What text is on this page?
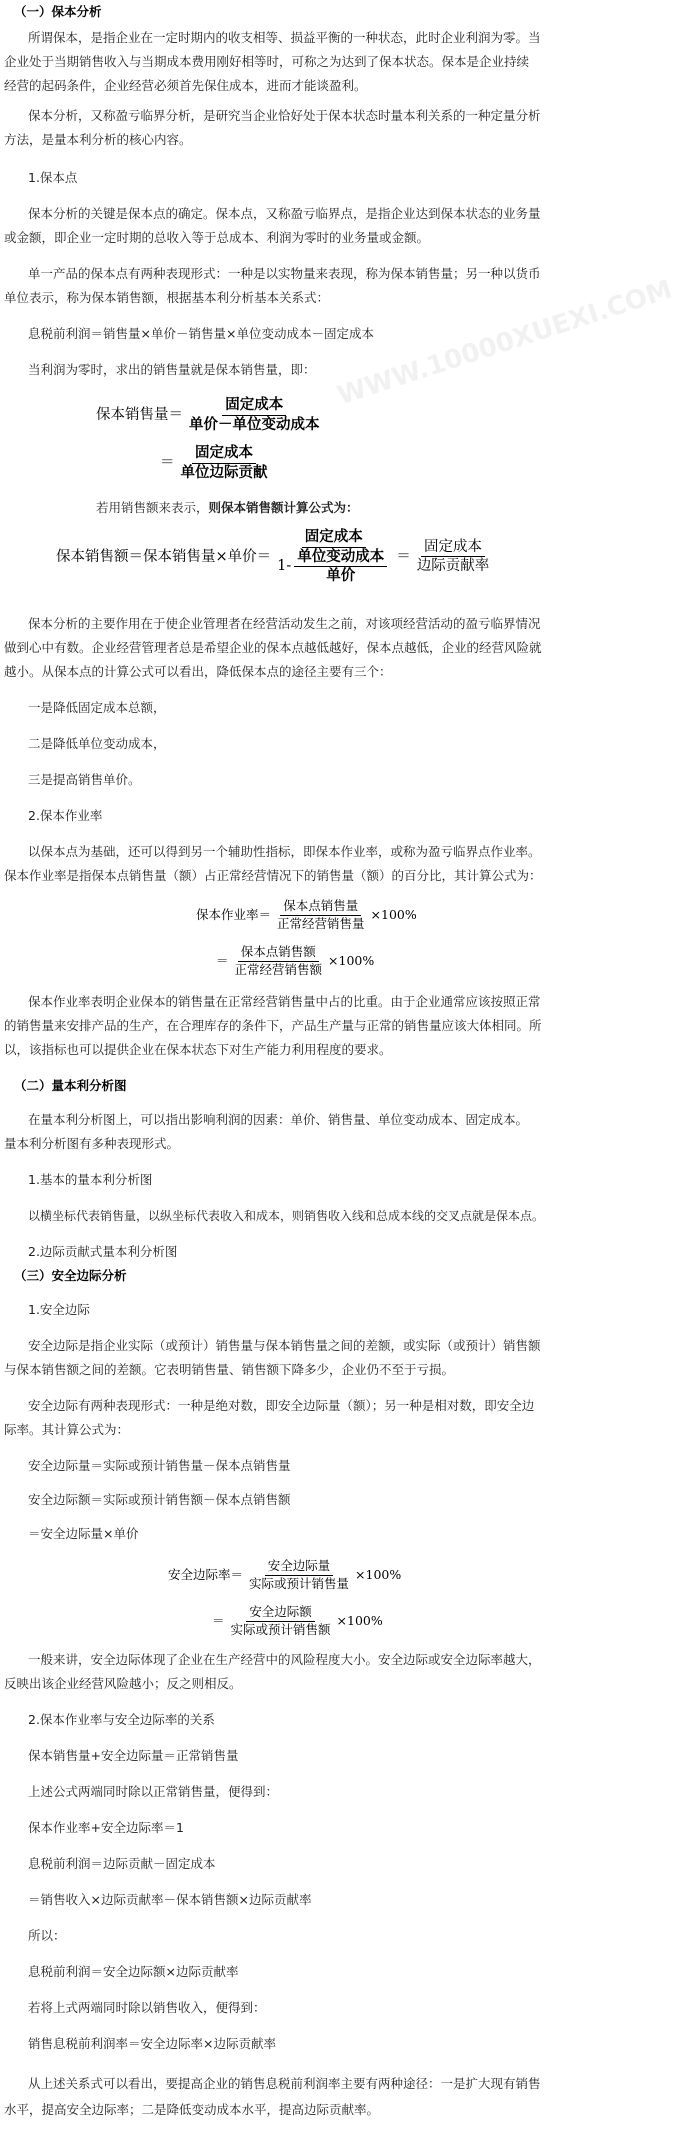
WWW.10000XUEXI.COM
（一）保本分析
所谓保本，是指企业在一定时期内的收支相等、损益平衡的一种状态，此时企业利润为零。当
企业处于当期销售收入与当期成本费用刚好相等时，可称之为达到了保本状态。保本是企业持续
经营的起码条件，企业经营必须首先保住成本，进而才能谈盈利。
保本分析，又称盈亏临界分析，是研究当企业恰好处于保本状态时量本利关系的一种定量分析
方法，是量本利分析的核心内容。
1.保本点
保本分析的关键是保本点的确定。保本点，又称盈亏临界点，是指企业达到保本状态的业务量
或金额，即企业一定时期的总收入等于总成本、利润为零时的业务量或金额。
单一产品的保本点有两种表现形式：一种是以实物量来表现，称为保本销售量；另一种以货币
单位表示，称为保本销售额，根据基本利分析基本关系式：
息税前利润＝销售量×单价－销售量×单位变动成本－固定成本
当利润为零时，求出的销售量就是保本销售量，即：
保本销售量＝ $\frac{\text{固定成本}}{\text{单价－单位变动成本}}$
＝ $\frac{\text{固定成本}}{\text{单位边际贡献}}$
若用销售额来表示，则保本销售额计算公式为：
保本销售额＝保本销售量×单价＝ $\frac{\text{固定成本}}{1- \frac{\text{单位变动成本}}{\text{单价}}} = \frac{\text{固定成本}}{\text{边际贡献率}}$
保本分析的主要作用在于使企业管理者在经营活动发生之前，对该项经营活动的盈亏临界情况
做到心中有数。企业经营管理者总是希望企业的保本点越低越好，保本点越低，企业的经营风险就
越小。从保本点的计算公式可以看出，降低保本点的途径主要有三个：
一是降低固定成本总额，
二是降低单位变动成本，
三是提高销售单价。
2.保本作业率
以保本点为基础，还可以得到另一个辅助性指标，即保本作业率，或称为盈亏临界点作业率。
保本作业率是指保本点销售量（额）占正常经营情况下的销售量（额）的百分比，其计算公式为：
保本作业率＝ $\frac{\text{保本点销售量}}{\text{正常经营销售量}} \times 100\%$
＝ $\frac{\text{保本点销售额}}{\text{正常经营销售额}} \times 100\%$
保本作业率表明企业保本的销售量在正常经营销售量中占的比重。由于企业通常应该按照正常
的销售量来安排产品的生产，在合理库存的条件下，产品生产量与正常的销售量应该大体相同。所
以，该指标也可以提供企业在保本状态下对生产能力利用程度的要求。
（二）量本利分析图
在量本利分析图上，可以指出影响利润的因素：单价、销售量、单位变动成本、固定成本。
量本利分析图有多种表现形式。
1.基本的量本利分析图
以横坐标代表销售量，以纵坐标代表收入和成本，则销售收入线和总成本线的交叉点就是保本点。
2.边际贡献式量本利分析图
（三）安全边际分析
1.安全边际
安全边际是指企业实际（或预计）销售量与保本销售量之间的差额，或实际（或预计）销售额
与保本销售额之间的差额。它表明销售量、销售额下降多少，企业仍不至于亏损。
安全边际有两种表现形式：一种是绝对数，即安全边际量（额）；另一种是相对数，即安全边
际率。其计算公式为：
安全边际量＝实际或预计销售量－保本点销售量
安全边际额＝实际或预计销售额－保本点销售额
＝安全边际量×单价
安全边际率＝ $\frac{\text{安全边际量}}{\text{实际或预计销售量}} \times 100\%$
＝ $\frac{\text{安全边际额}}{\text{实际或预计销售额}} \times 100\%$
一般来讲，安全边际体现了企业在生产经营中的风险程度大小。安全边际或安全边际率越大，
反映出该企业经营风险越小；反之则相反。
2.保本作业率与安全边际率的关系
保本销售量+安全边际量＝正常销售量
上述公式两端同时除以正常销售量，便得到：
保本作业率+安全边际率＝1
息税前利润＝边际贡献－固定成本
＝销售收入×边际贡献率－保本销售额×边际贡献率
所以：
息税前利润＝安全边际额×边际贡献率
若将上式两端同时除以销售收入，便得到：
销售息税前利润率＝安全边际率×边际贡献率
从上述关系式可以看出，要提高企业的销售息税前利润率主要有两种途径：一是扩大现有销售
水平，提高安全边际率；二是降低变动成本水平，提高边际贡献率。
